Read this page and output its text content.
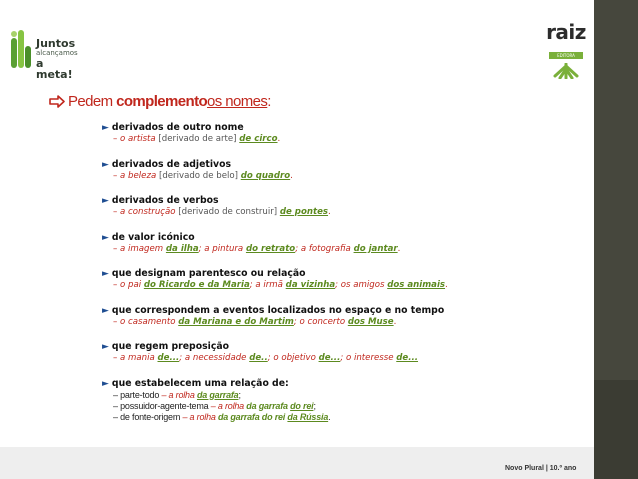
Juntos
alcançamos
a meta!
raiz
EDITORA
Pedem complementoos nomes:
► derivados de outro nome
– o artista [derivado de arte] de circo.
► derivados de adjetivos
– a beleza [derivado de belo] do quadro.
► derivados de verbos
– a construção [derivado de construir] de pontes.
► de valor icónico
– a imagem da ilha; a pintura do retrato; a fotografia do jantar.
► que designam parentesco ou relação
– o pai do Ricardo e da Maria; a irmã da vizinha; os amigos dos animais.
► que correspondem a eventos localizados no espaço e no tempo
– o casamento da Mariana e do Martim; o concerto dos Muse.
► que regem preposição
– a mania de...; a necessidade de..; o objetivo de...; o interesse de...
► que estabelecem uma relação de:
– parte-todo – a rolha da garrafa;
– possuidor-agente-tema – a rolha da garrafa do rei;
– de fonte-origem – a rolha da garrafa do rei da Rússia.
Novo Plural | 10.º ano
